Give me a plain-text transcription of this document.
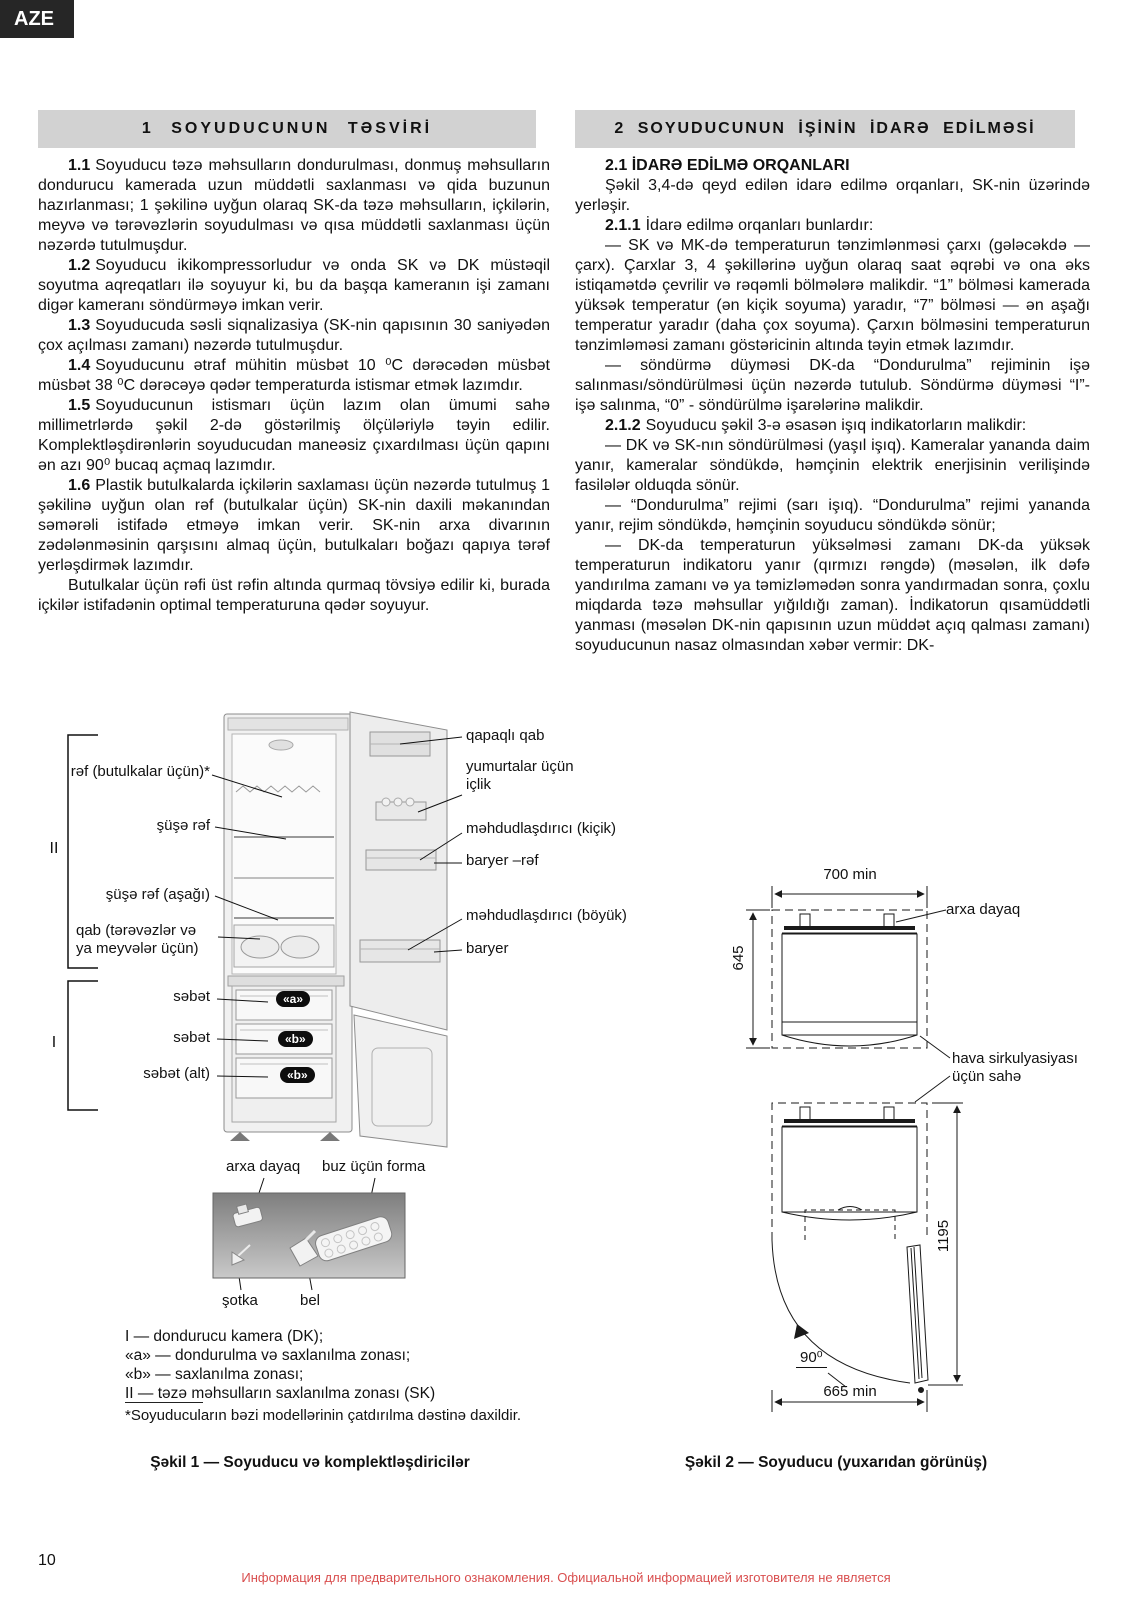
AZE
1 SOYUDUCUNUN TƏSVİRİ	2 SOYUDUCUNUN İŞİNİN İDARƏ EDİLMƏSİ

1.1 Soyuducu təzə məhsulların dondurulması, donmuş məhsulların dondurucu kamerada uzun müddətli saxlanması və qida buzunun hazırlanması; 1 şəkilinə uyğun olaraq SK-da təzə məhsulların, içkilərin, meyvə və tərəvəzlərin soyudulması və qısa müddətli saxlanması üçün nəzərdə tutulmuşdur.

1.2 Soyuducu ikikompressorludur və onda SK və DK müstəqil soyutma aqreqatları ilə soyuyur ki, bu da başqa kameranın işi zamanı digər kameranı söndürməyə imkan verir.

1.3 Soyuducuda səsli siqnalizasiya (SK-nin qapısının 30 saniyədən çox açılması zamanı) nəzərdə tutulmuşdur.

1.4 Soyuducunu ətraf mühitin müsbət 10 ⁰C dərəcədən müsbət müsbət 38 ⁰C dərəcəyə qədər temperaturda istismar etmək lazımdır.

1.5 Soyuducunun istismarı üçün lazım olan ümumi sahə millimetrlərdə şəkil 2-də göstərilmiş ölçüləriylə təyin edilir. Komplektləşdirənlərin soyuducudan maneəsiz çıxardılması üçün qapını ən azı 90⁰ bucaq açmaq lazımdır.

1.6 Plastik butulkalarda içkilərin saxlaması üçün nəzərdə tutulmuş 1 şəkilinə uyğun olan rəf (butulkalar üçün) SK-nin daxili məkanından səmərəli istifadə etməyə imkan verir. SK-nin arxa divarının zədələnməsinin qarşısını almaq üçün, butulkaları boğazı qapıya tərəf yerləşdirmək lazımdır.

Butulkalar üçün rəfi üst rəfin altında qurmaq tövsiyə edilir ki, burada içkilər istifadənin optimal temperaturuna qədər soyuyur.

2.1 İDARƏ EDİLMƏ ORQANLARI

Şəkil 3,4-də qeyd edilən idarə edilmə orqanları, SK-nin üzərində yerləşir.

2.1.1 İdarə edilmə orqanları bunlardır:

— SK və MK-də temperaturun tənzimlənməsi çarxı (gələcəkdə — çarx). Çarxlar 3, 4 şəkillərinə uyğun olaraq saat əqrəbi və ona əks istiqamətdə çevrilir və rəqəmli bölmələrə malikdir. “1” bölməsi kamerada yüksək temperatur (ən kiçik soyuma) yaradır, “7” bölməsi — ən aşağı temperatur yaradır (daha çox soyuma). Çarxın bölməsini temperaturun tənzimləməsi zamanı göstəricinin altında təyin etmək lazımdır.

— söndürmə düyməsi DK-da “Dondurulma” rejiminin işə salınması/söndürülməsi üçün nəzərdə tutulub. Söndürmə düyməsi “I”- işə salınma, “0” - söndürülmə işarələrinə malikdir.

2.1.2 Soyuducu şəkil 3-ə əsasən işıq indikatorların malikdir:

— DK və SK-nın söndürülməsi (yaşıl işıq). Kameralar yananda daim yanır, kameralar söndükdə, həmçinin elektrik enerjisinin verilişində fasilələr olduqda sönür.

— “Dondurulma” rejimi (sarı işıq). “Dondurulma” rejimi yananda yanır, rejim söndükdə, həmçinin soyuducu söndükdə sönür;

— DK-da temperaturun yüksəlməsi zamanı DK-da yüksək temperaturun indikatoru yanır (qırmızı rəngdə) (məsələn, ilk dəfə yandırılma zamanı və ya təmizləmədən sonra yandırmadan sonra, çoxlu miqdarda təzə məhsullar yığıldığı zaman). İndikatorun qısamüddətli yanması (məsələn DK-nin qapısının uzun müddət açıq qalması zamanı) soyuducunun nasaz olmasından xəbər vermir: DK-

II
I
rəf (butulkalar üçün)*
şüşə rəf
şüşə rəf (aşağı)
qab (tərəvəzlər və ya meyvələr üçün)
səbət
səbət
səbət (alt)
qapaqlı qab
yumurtalar üçün içlik
məhdudlaşdırıcı (kiçik)
baryer –rəf
məhdudlaşdırıcı (böyük)
baryer
«a»
«b»
«b»
arxa dayaq	buz üçün forma
şotka	bel
I — dondurucu kamera (DK);
«a» — dondurulma və saxlanılma zonası;
«b» — saxlanılma zonası;
II — təzə məhsulların saxlanılma zonası (SK)
*Soyuducuların bəzi modellərinin çatdırılma dəstinə daxildir.
Şəkil 1 — Soyuducu və komplektləşdiricilər	Şəkil 2 — Soyuducu (yuxarıdan görünüş)
700 min
arxa dayaq
645
hava sirkulyasiyası üçün sahə
1195
90⁰
665 min
10
Информация для предварительного ознакомления. Официальной информацией изготовителя не является
